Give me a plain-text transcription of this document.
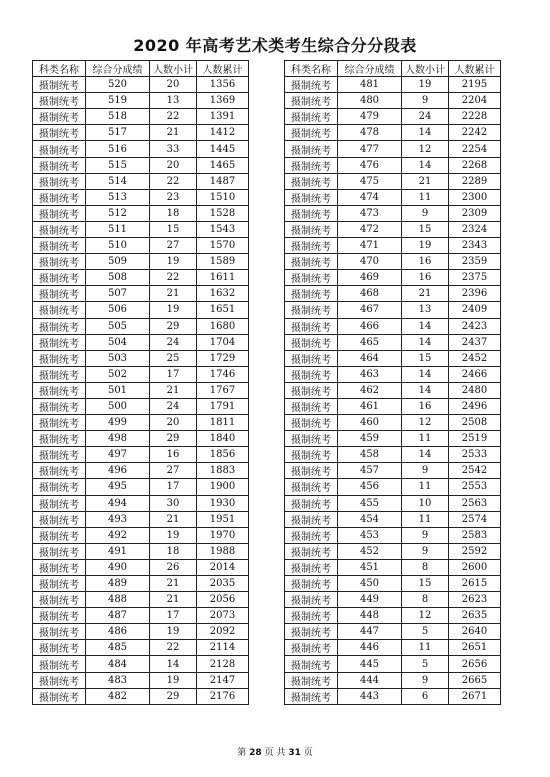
2020 年高考艺术类考生综合分分段表
科类名称	综合分成绩	人数小计	人数累计
摄制统考	520	20	1356
摄制统考	519	13	1369
摄制统考	518	22	1391
摄制统考	517	21	1412
摄制统考	516	33	1445
摄制统考	515	20	1465
摄制统考	514	22	1487
摄制统考	513	23	1510
摄制统考	512	18	1528
摄制统考	511	15	1543
摄制统考	510	27	1570
摄制统考	509	19	1589
摄制统考	508	22	1611
摄制统考	507	21	1632
摄制统考	506	19	1651
摄制统考	505	29	1680
摄制统考	504	24	1704
摄制统考	503	25	1729
摄制统考	502	17	1746
摄制统考	501	21	1767
摄制统考	500	24	1791
摄制统考	499	20	1811
摄制统考	498	29	1840
摄制统考	497	16	1856
摄制统考	496	27	1883
摄制统考	495	17	1900
摄制统考	494	30	1930
摄制统考	493	21	1951
摄制统考	492	19	1970
摄制统考	491	18	1988
摄制统考	490	26	2014
摄制统考	489	21	2035
摄制统考	488	21	2056
摄制统考	487	17	2073
摄制统考	486	19	2092
摄制统考	485	22	2114
摄制统考	484	14	2128
摄制统考	483	19	2147
摄制统考	482	29	2176
科类名称	综合分成绩	人数小计	人数累计
摄制统考	481	19	2195
摄制统考	480	9	2204
摄制统考	479	24	2228
摄制统考	478	14	2242
摄制统考	477	12	2254
摄制统考	476	14	2268
摄制统考	475	21	2289
摄制统考	474	11	2300
摄制统考	473	9	2309
摄制统考	472	15	2324
摄制统考	471	19	2343
摄制统考	470	16	2359
摄制统考	469	16	2375
摄制统考	468	21	2396
摄制统考	467	13	2409
摄制统考	466	14	2423
摄制统考	465	14	2437
摄制统考	464	15	2452
摄制统考	463	14	2466
摄制统考	462	14	2480
摄制统考	461	16	2496
摄制统考	460	12	2508
摄制统考	459	11	2519
摄制统考	458	14	2533
摄制统考	457	9	2542
摄制统考	456	11	2553
摄制统考	455	10	2563
摄制统考	454	11	2574
摄制统考	453	9	2583
摄制统考	452	9	2592
摄制统考	451	8	2600
摄制统考	450	15	2615
摄制统考	449	8	2623
摄制统考	448	12	2635
摄制统考	447	5	2640
摄制统考	446	11	2651
摄制统考	445	5	2656
摄制统考	444	9	2665
摄制统考	443	6	2671
第 28 页 共 31 页
